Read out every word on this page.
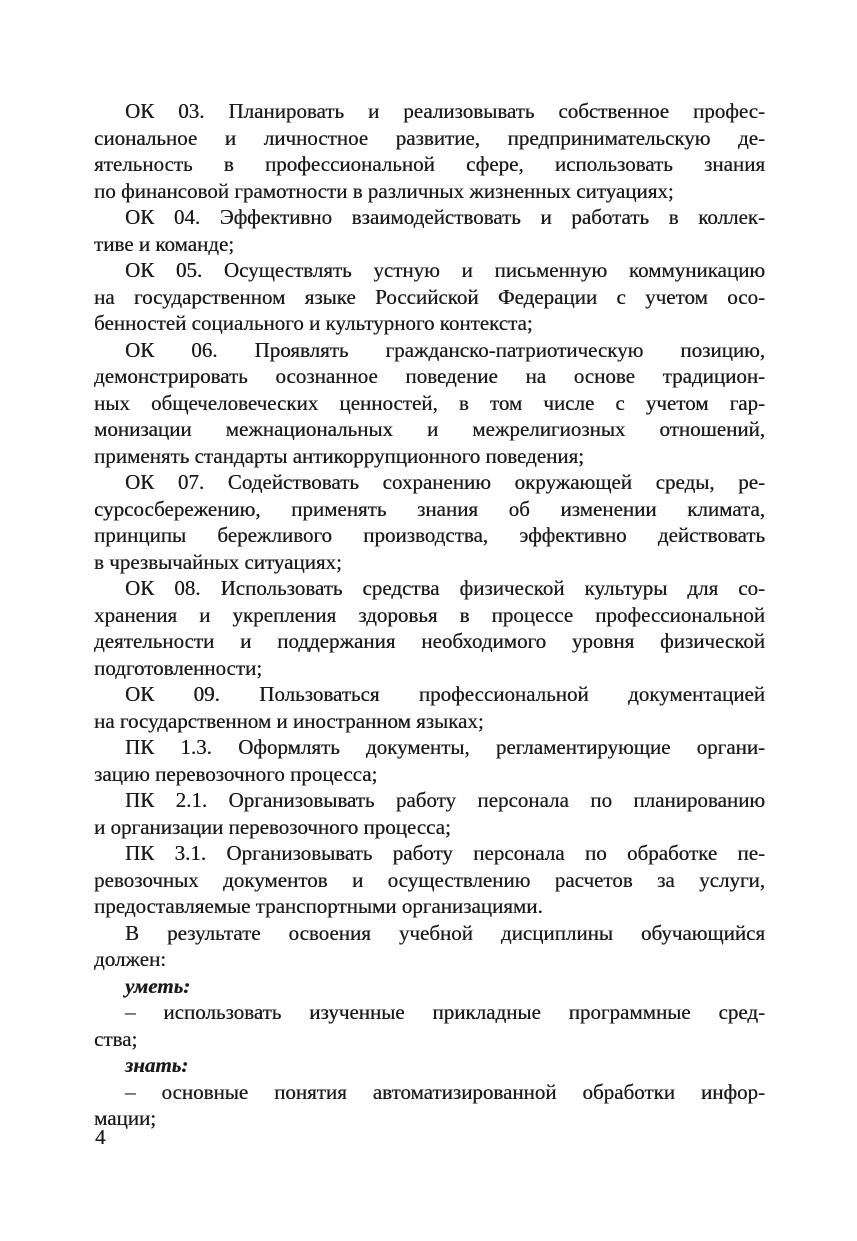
ОК 03. Планировать и реализовывать собственное профес-
сиональное и личностное развитие, предпринимательскую де-
ятельность в профессиональной сфере, использовать знания
по финансовой грамотности в различных жизненных ситуациях;
ОК 04. Эффективно взаимодействовать и работать в коллек-
тиве и команде;
ОК 05. Осуществлять устную и письменную коммуникацию
на государственном языке Российской Федерации с учетом осо-
бенностей социального и культурного контекста;
ОК 06. Проявлять гражданско-патриотическую позицию,
демонстрировать осознанное поведение на основе традицион-
ных общечеловеческих ценностей, в том числе с учетом гар-
монизации межнациональных и межрелигиозных отношений,
применять стандарты антикоррупционного поведения;
ОК 07. Содействовать сохранению окружающей среды, ре-
сурсосбережению, применять знания об изменении климата,
принципы бережливого производства, эффективно действовать
в чрезвычайных ситуациях;
ОК 08. Использовать средства физической культуры для со-
хранения и укрепления здоровья в процессе профессиональной
деятельности и поддержания необходимого уровня физической
подготовленности;
ОК 09. Пользоваться профессиональной документацией
на государственном и иностранном языках;
ПК 1.3. Оформлять документы, регламентирующие органи-
зацию перевозочного процесса;
ПК 2.1. Организовывать работу персонала по планированию
и организации перевозочного процесса;
ПК 3.1. Организовывать работу персонала по обработке пе-
ревозочных документов и осуществлению расчетов за услуги,
предоставляемые транспортными организациями.
В результате освоения учебной дисциплины обучающийся
должен:
уметь:
– использовать изученные прикладные программные сред-
ства;
знать:
– основные понятия автоматизированной обработки инфор-
мации;
4
